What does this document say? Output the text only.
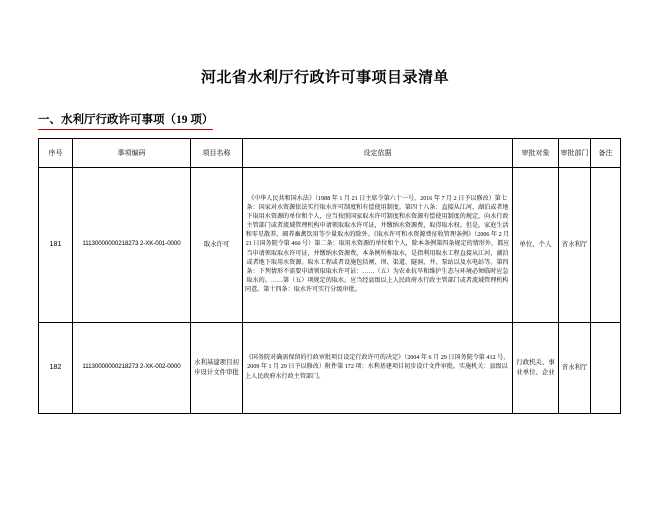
河北省水利厅行政许可事项目录清单
一、水利厅行政许可事项（19 项）
序号	事项编码	项目名称	设定依据	审批对象	审批部门	备注
181	11130000000218273 2-XK-001-0000	取水许可	《中华人民共和国水法》（1988 年 1 月 21 日主席令第六十一号，2016 年 7 月 2 日予以修改）第七条：国家对水资源依法实行取水许可制度和有偿使用制度。第四十八条：直接从江河、湖泊或者地下取用水资源的单位和个人，应当按照国家取水许可制度和水资源有偿使用制度的规定，向水行政主管部门或者流域管理机构申请领取取水许可证，并缴纳水资源费，取得取水权。但是，家庭生活和零星散养、圈养畜禽饮用等少量取水的除外。《取水许可和水资源费征收管理条例》（2006 年 2 月 21 日国务院令第 460 号）第二条：取用水资源的单位和个人，除本条例第四条规定的情形外，都应当申请领取取水许可证，并缴纳水资源费。本条例所称取水，是指利用取水工程直接从江河、湖泊或者地下取用水资源。取水工程或者设施包括闸、坝、渠道、隧洞、井、泵站以及水电站等。第四条：下列情形不需要申请领取取水许可证：……（五）为农业抗旱和维护生态与环境必须临时应急取水的。……第（五）项规定的取水，应当经县级以上人民政府水行政主管部门或者流域管理机构同意。第十四条：取水许可实行分级审批。	单位、个人	省水利厅	
182	11130000000218273 2-XK-002-0000	水利基建项目初步设计文件审批	《国务院对确需保留的行政审批项目设定行政许可的决定》（2004 年 6 月 29 日国务院令第 412 号，2009 年 1 月 29 日予以修改）附件第 172 项：水利基建项目初步设计文件审批。实施机关：县级以上人民政府水行政主管部门。	行政机关、事业单位、企业	省水利厅	
